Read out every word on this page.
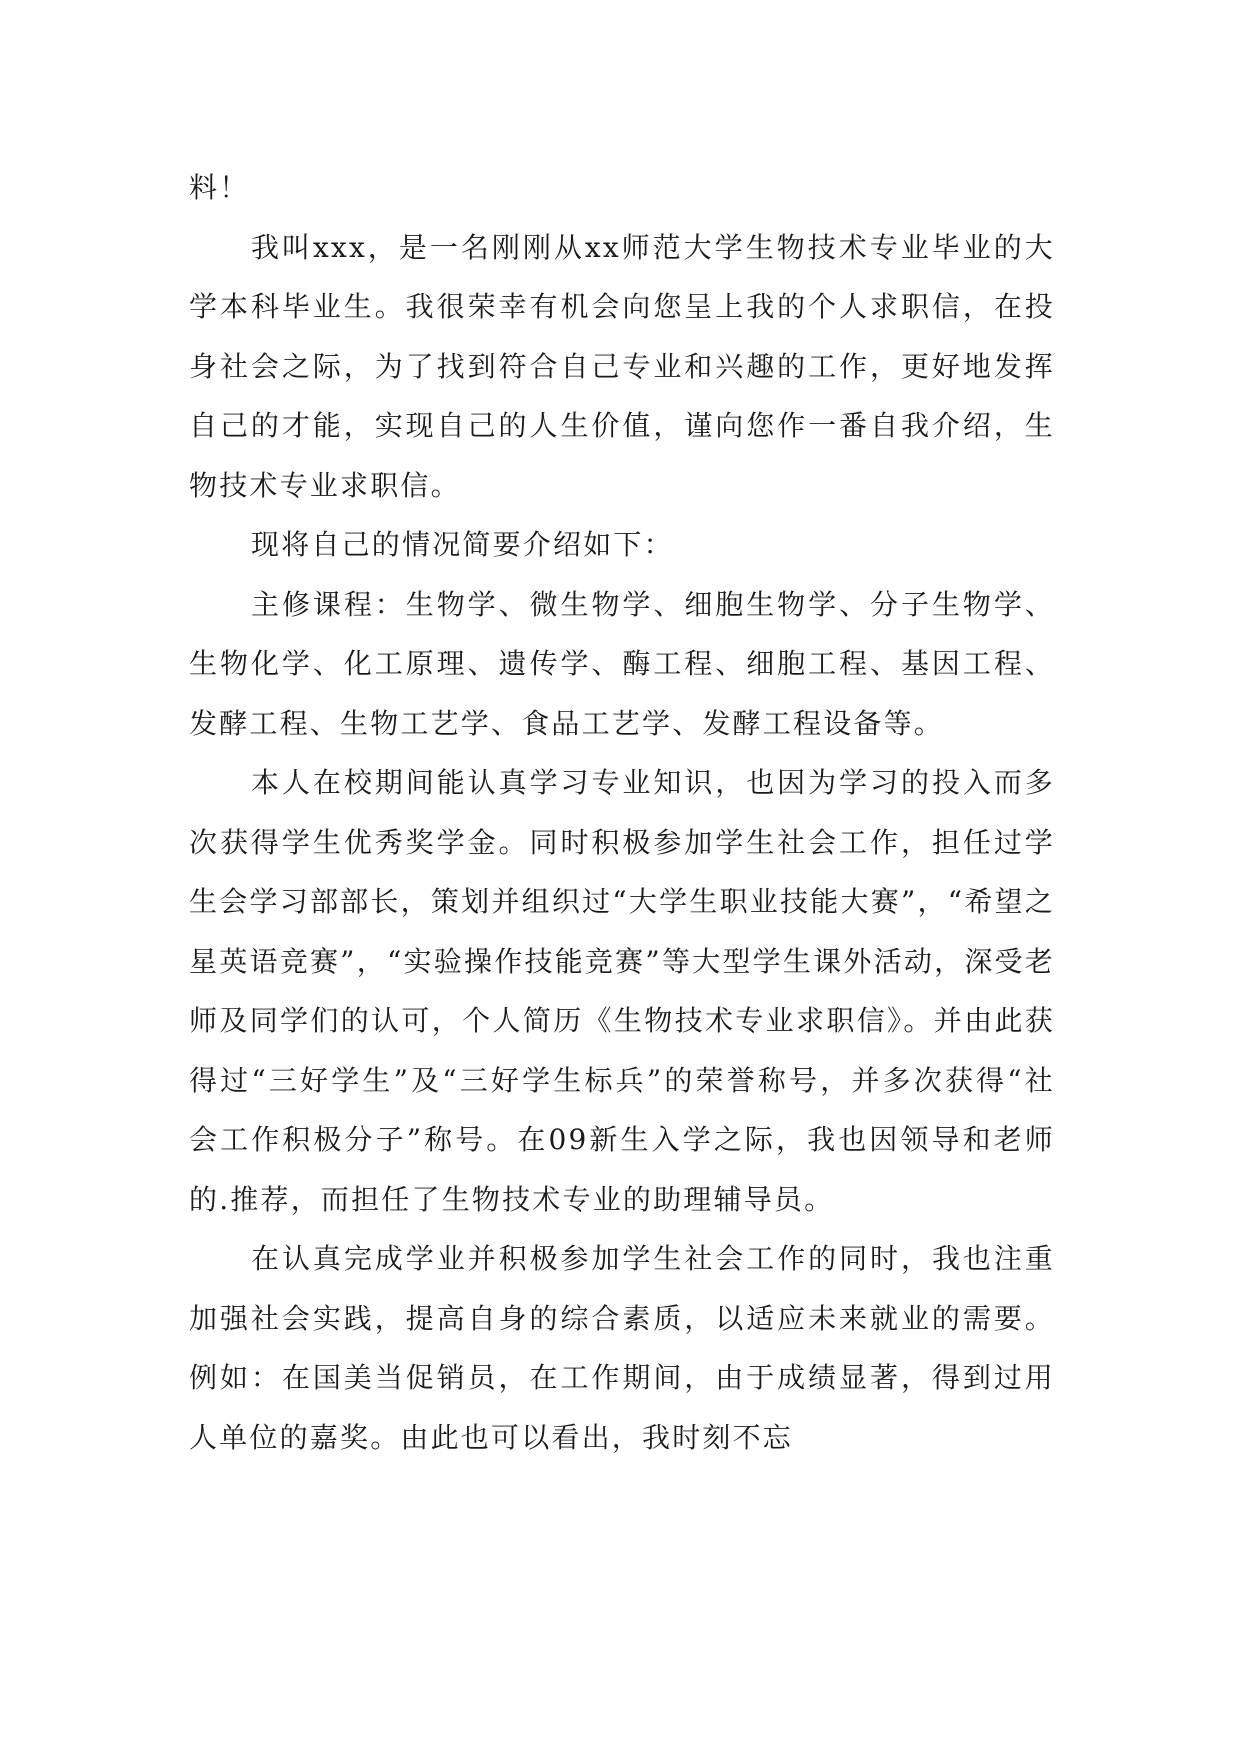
料！

我叫xxx，是一名刚刚从xx师范大学生物技术专业毕业的大学本科毕业生。我很荣幸有机会向您呈上我的个人求职信，在投身社会之际，为了找到符合自己专业和兴趣的工作，更好地发挥自己的才能，实现自己的人生价值，谨向您作一番自我介绍，生物技术专业求职信。

现将自己的情况简要介绍如下：

主修课程：生物学、微生物学、细胞生物学、分子生物学、生物化学、化工原理、遗传学、酶工程、细胞工程、基因工程、发酵工程、生物工艺学、食品工艺学、发酵工程设备等。

本人在校期间能认真学习专业知识，也因为学习的投入而多次获得学生优秀奖学金。同时积极参加学生社会工作，担任过学生会学习部部长，策划并组织过“大学生职业技能大赛”，“希望之星英语竞赛”，“实验操作技能竞赛”等大型学生课外活动，深受老师及同学们的认可，个人简历《生物技术专业求职信》。并由此获得过“三好学生”及“三好学生标兵”的荣誉称号，并多次获得“社会工作积极分子”称号。在09新生入学之际，我也因领导和老师的.推荐，而担任了生物技术专业的助理辅导员。

在认真完成学业并积极参加学生社会工作的同时，我也注重加强社会实践，提高自身的综合素质，以适应未来就业的需要。例如：在国美当促销员，在工作期间，由于成绩显著，得到过用人单位的嘉奖。由此也可以看出，我时刻不忘
